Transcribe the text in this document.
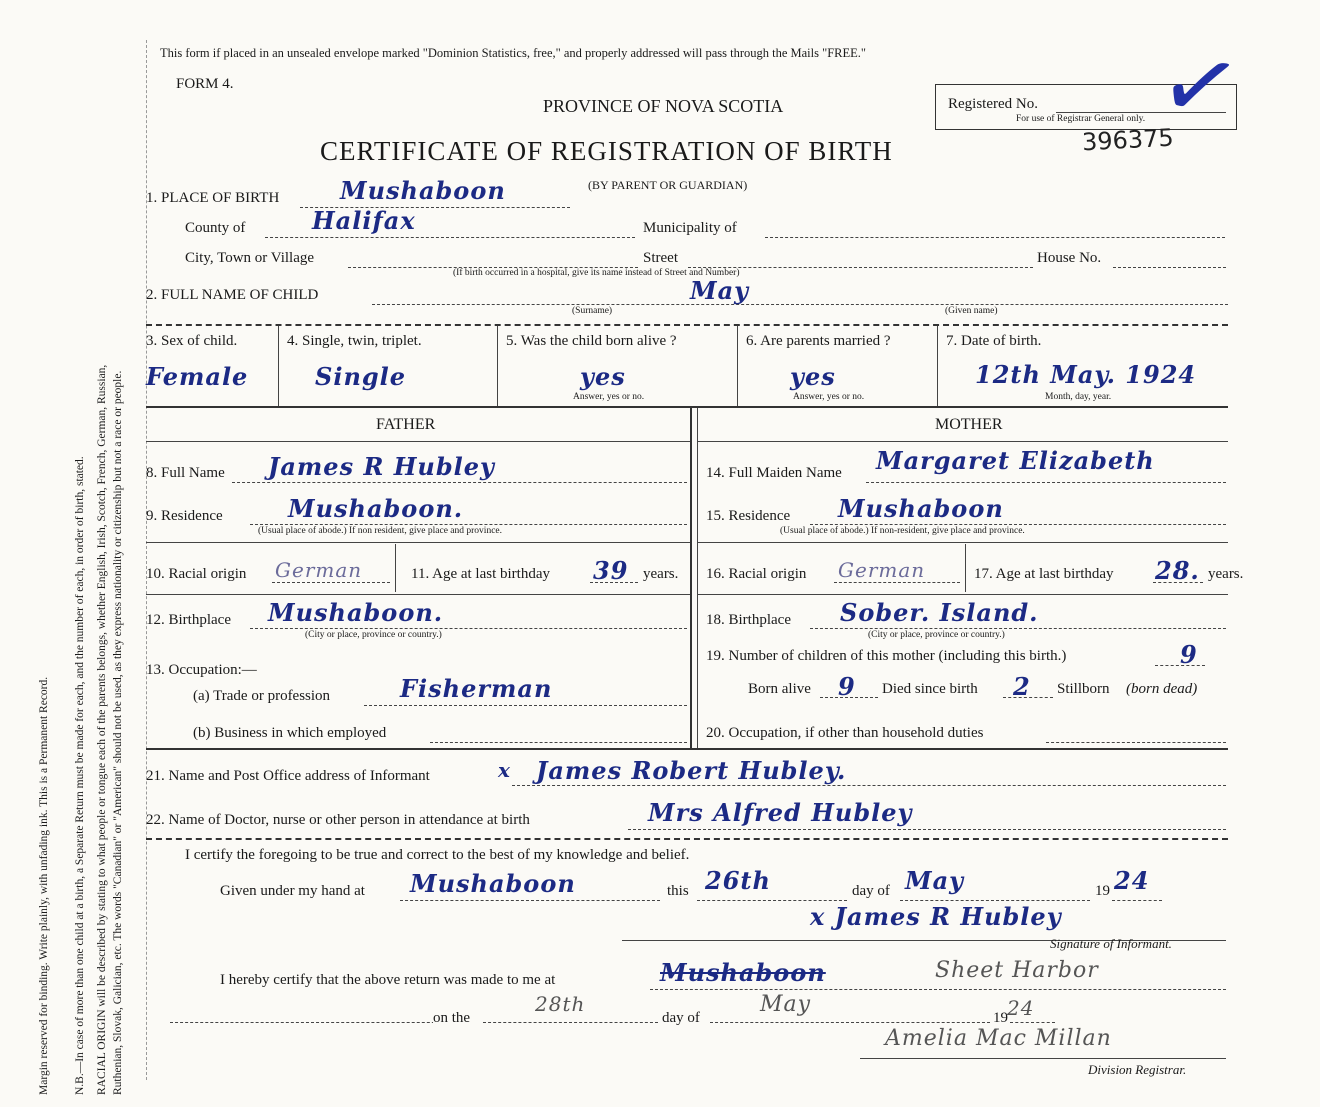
Margin reserved for binding. Write plainly, with unfading ink. This is a Permanent Record. N.B.—In case of more than one child at a birth, a Separate Return must be made for each, and the number of each, in order of birth, stated. RACIAL ORIGIN will be described by stating to what people or tongue each of the parents belongs, whether English, Irish, Scotch, French, German, Russian, Ruthenian, Slovak, Galician, etc. The words "Canadian" or "American" should not be used, as they express nationality or citizenship but not a race or people.
This form if placed in an unsealed envelope marked "Dominion Statistics, free," and properly addressed will pass through the Mails "FREE."
FORM 4.
PROVINCE OF NOVA SCOTIA	Registered No.
For use of Registrar General only. ✓
CERTIFICATE OF REGISTRATION OF BIRTH	396375
(BY PARENT OR GUARDIAN)
1. PLACE OF BIRTH	Mushaboon
County of	Halifax	Municipality of
City, Town or Village	Street	House No.
(If birth occurred in a hospital, give its name instead of Street and Number)
2. FULL NAME OF CHILD	May
(Surname)	(Given name)
3. Sex of child.
Female
4. Single, twin, triplet.
Single
5. Was the child born alive ?
yes
Answer, yes or no.
6. Are parents married ?
yes
Answer, yes or no.
7. Date of birth.
12th May. 1924
Month, day, year.
FATHER	MOTHER
8. Full Name James R Hubley	14. Full Maiden Name Margaret Elizabeth
9. Residence	Mushaboon.
(Usual place of abode.) If non resident, give place and province.
15. Residence Mushaboon
(Usual place of abode.) If non-resident, give place and province.
10. Racial origin German	11. Age at last birthday 39 years. 16. Racial origin German	17. Age at last birthday 28. years.
12. Birthplace Mushaboon.
(City or place, province or country.)
18. Birthplace Sober. Island.
(City or place, province or country.)
13. Occupation:—
(a) Trade or profession	Fisherman
(b) Business in which employed
19. Number of children of this mother (including this birth.)	9
Born alive 9 Died since birth 2 Stillborn (born dead)
20. Occupation, if other than household duties
21. Name and Post Office address of Informant	x James Robert Hubley.
22. Name of Doctor, nurse or other person in attendance at birth	Mrs Alfred Hubley
I certify the foregoing to be true and correct to the best of my knowledge and belief.
Given under my hand at Mushaboon	this 26th	day of May	19 24
x James R Hubley
Signature of Informant.
I hereby certify that the above return was made to me at	Mushaboon	Sheet Harbor
on the
28th
day of
May
19 24
Amelia Mac Millan
Division Registrar.
